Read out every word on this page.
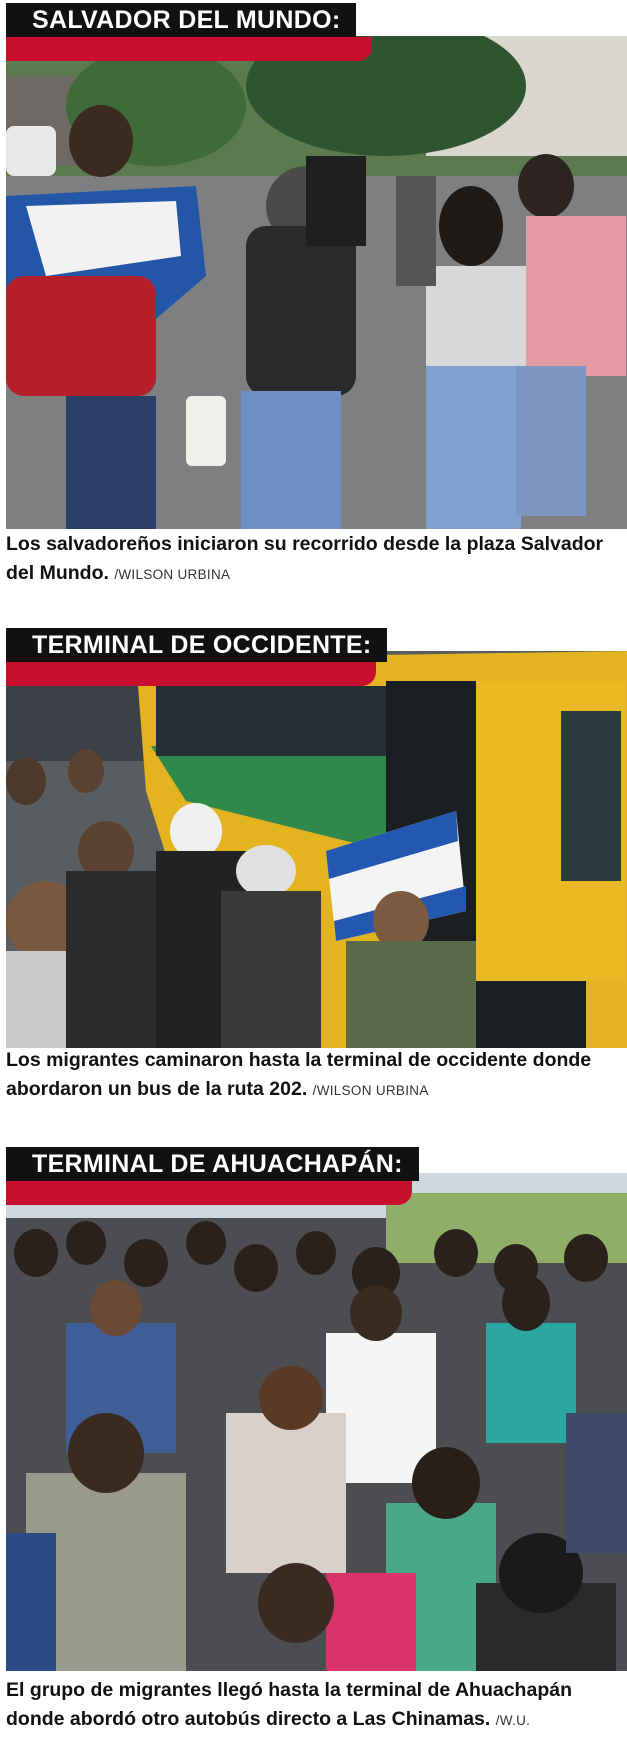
SALVADOR DEL MUNDO:

Los salvadoreños iniciaron su recorrido desde la plaza Salvador del Mundo. /WILSON URBINA

TERMINAL DE OCCIDENTE:

Los migrantes caminaron hasta la terminal de occidente donde abordaron un bus de la ruta 202. /WILSON URBINA

TERMINAL DE AHUACHAPÁN:

El grupo de migrantes llegó hasta la terminal de Ahuachapán donde abordó otro autobús directo a Las Chinamas. /W.U.
